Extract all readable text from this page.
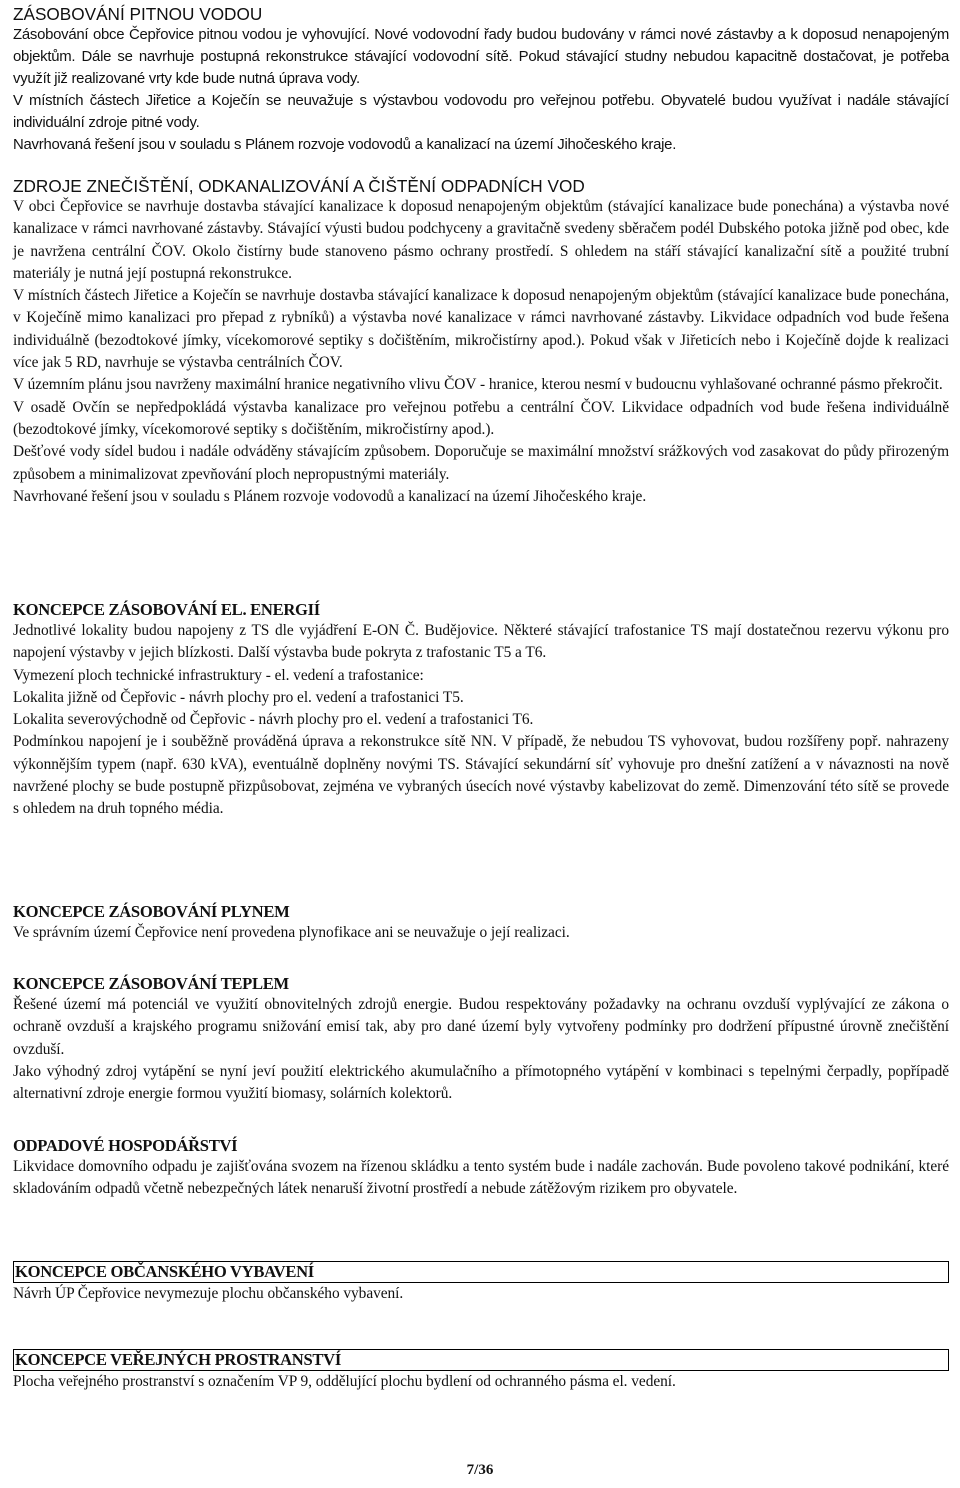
ZÁSOBOVÁNÍ PITNOU VODOU

Zásobování obce Čepřovice pitnou vodou je vyhovující. Nové vodovodní řady budou budovány v rámci nové zástavby a k doposud nenapojeným objektům. Dále se navrhuje postupná rekonstrukce stávající vodovodní sítě. Pokud stávající studny nebudou kapacitně dostačovat, je potřeba využít již realizované vrty kde bude nutná úprava vody.

V místních částech Jiřetice a Koječín se neuvažuje s výstavbou vodovodu pro veřejnou potřebu. Obyvatelé budou využívat i nadále stávající individuální zdroje pitné vody.

Navrhovaná řešení jsou v souladu s Plánem rozvoje vodovodů a kanalizací na území Jihočeského kraje.

ZDROJE ZNEČIŠTĚNÍ, ODKANALIZOVÁNÍ A ČIŠTĚNÍ ODPADNÍCH VOD

V obci Čepřovice se navrhuje dostavba stávající kanalizace k doposud nenapojeným objektům (stávající kanalizace bude ponechána) a výstavba nové kanalizace v rámci navrhované zástavby. Stávající výusti budou podchyceny a gravitačně svedeny sběračem podél Dubského potoka jižně pod obec, kde je navržena centrální ČOV. Okolo čistírny bude stanoveno pásmo ochrany prostředí. S ohledem na stáří stávající kanalizační sítě a použité trubní materiály je nutná její postupná rekonstrukce.

V místních částech Jiřetice a Koječín se navrhuje dostavba stávající kanalizace k doposud nenapojeným objektům (stávající kanalizace bude ponechána, v Koječíně mimo kanalizaci pro přepad z rybníků) a výstavba nové kanalizace v rámci navrhované zástavby. Likvidace odpadních vod bude řešena individuálně (bezodtokové jímky, vícekomorové septiky s dočištěním, mikročistírny apod.). Pokud však v Jiřeticích nebo i Koječíně dojde k realizaci více jak 5 RD, navrhuje se výstavba centrálních ČOV.

V územním plánu jsou navrženy maximální hranice negativního vlivu ČOV - hranice, kterou nesmí v budoucnu vyhlašované ochranné pásmo překročit.

V osadě Ovčín se nepředpokládá výstavba kanalizace pro veřejnou potřebu a centrální ČOV. Likvidace odpadních vod bude řešena individuálně (bezodtokové jímky, vícekomorové septiky s dočištěním, mikročistírny apod.).

Dešťové vody sídel budou i nadále odváděny stávajícím způsobem. Doporučuje se maximální množství srážkových vod zasakovat do půdy přirozeným způsobem a minimalizovat zpevňování ploch nepropustnými materiály.

Navrhované řešení jsou v souladu s Plánem rozvoje vodovodů a kanalizací na území Jihočeského kraje.

KONCEPCE ZÁSOBOVÁNÍ EL. ENERGIÍ

Jednotlivé lokality budou napojeny z TS dle vyjádření E-ON Č. Budějovice. Některé stávající trafostanice TS mají dostatečnou rezervu výkonu pro napojení výstavby v jejich blízkosti. Další výstavba bude pokryta z trafostanic T5 a T6.

Vymezení ploch technické infrastruktury - el. vedení a trafostanice:

Lokalita jižně od Čepřovic - návrh plochy pro el. vedení a trafostanici T5.

Lokalita severovýchodně od Čepřovic - návrh plochy pro el. vedení a trafostanici T6.

Podmínkou napojení je i souběžně prováděná úprava a rekonstrukce sítě NN. V případě, že nebudou TS vyhovovat, budou rozšířeny popř. nahrazeny výkonnějším typem (např. 630 kVA), eventuálně doplněny novými TS. Stávající sekundární síť vyhovuje pro dnešní zatížení a v návaznosti na nově navržené plochy se bude postupně přizpůsobovat, zejména ve vybraných úsecích nové výstavby kabelizovat do země. Dimenzování této sítě se provede s ohledem na druh topného média.

KONCEPCE ZÁSOBOVÁNÍ PLYNEM

Ve správním území Čepřovice není provedena plynofikace ani se neuvažuje o její realizaci.

KONCEPCE ZÁSOBOVÁNÍ TEPLEM

Řešené území má potenciál ve využití obnovitelných zdrojů energie. Budou respektovány požadavky na ochranu ovzduší vyplývající ze zákona o ochraně ovzduší a krajského programu snižování emisí tak, aby pro dané území byly vytvořeny podmínky pro dodržení přípustné úrovně znečištění ovzduší.

Jako výhodný zdroj vytápění se nyní jeví použití elektrického akumulačního a přímotopného vytápění v kombinaci s tepelnými čerpadly, popřípadě alternativní zdroje energie formou využití biomasy, solárních kolektorů.

ODPADOVÉ HOSPODÁŘSTVÍ

Likvidace domovního odpadu je zajišťována svozem na řízenou skládku a tento systém bude i nadále zachován. Bude povoleno takové podnikání, které skladováním odpadů včetně nebezpečných látek nenaruší životní prostředí a nebude zátěžovým rizikem pro obyvatele.

KONCEPCE OBČANSKÉHO VYBAVENÍ

Návrh ÚP Čepřovice nevymezuje plochu občanského vybavení.

KONCEPCE VEŘEJNÝCH PROSTRANSTVÍ

Plocha veřejného prostranství s označením VP 9, oddělující plochu bydlení od ochranného pásma el. vedení.

7/36
